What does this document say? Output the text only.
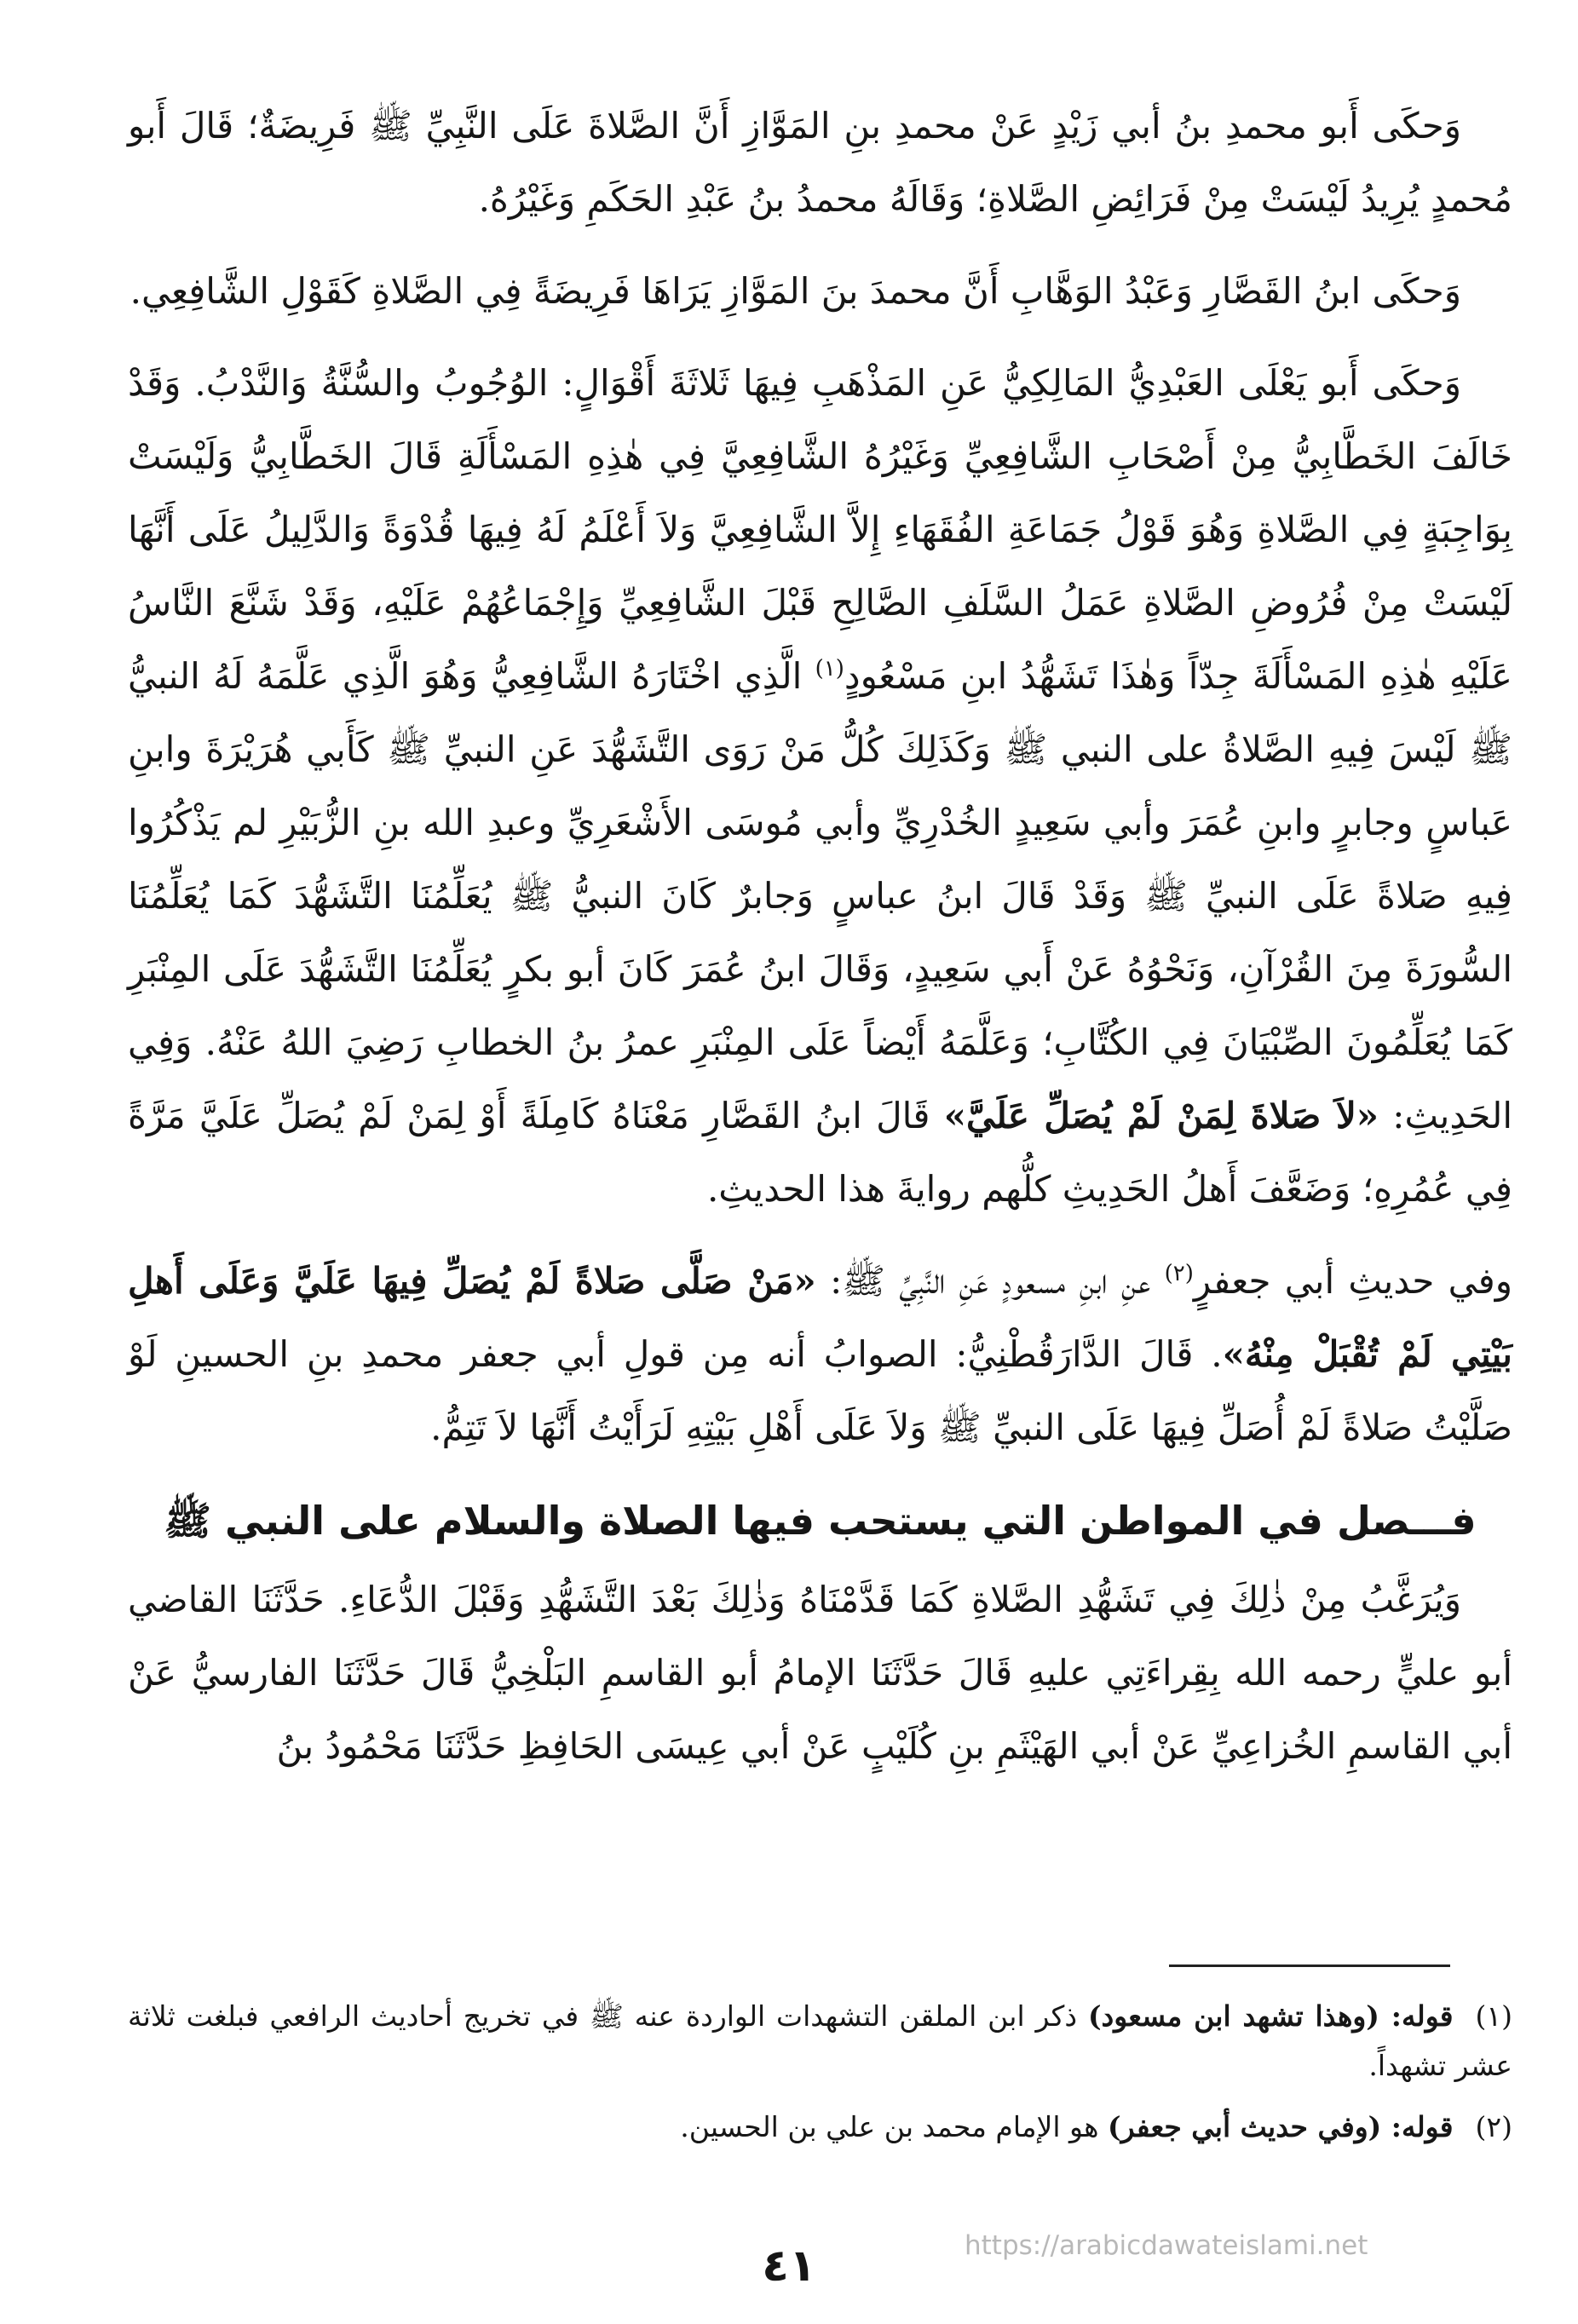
وَحكَى أَبو محمدِ بنُ أبي زَيْدٍ عَنْ محمدِ بنِ المَوَّازِ أَنَّ الصَّلاةَ عَلَى النَّبِيِّ ﷺ فَرِيضَةٌ؛ قَالَ أَبو مُحمدٍ يُرِيدُ لَيْسَتْ مِنْ فَرَائِضِ الصَّلاةِ؛ وَقَالَهُ محمدُ بنُ عَبْدِ الحَكَمِ وَغَيْرُهُ.

وَحكَى ابنُ القَصَّارِ وَعَبْدُ الوَهَّابِ أَنَّ محمدَ بنَ المَوَّازِ يَرَاهَا فَرِيضَةً فِي الصَّلاةِ كَقَوْلِ الشَّافِعِي.

وَحكَى أَبو يَعْلَى العَبْدِيُّ المَالِكِيُّ عَنِ المَذْهَبِ فِيهَا ثَلاثَةَ أَقْوَالٍ: الوُجُوبُ والسُّنَّةُ وَالنَّدْبُ. وَقَدْ خَالَفَ الخَطَّابِيُّ مِنْ أَصْحَابِ الشَّافِعِيِّ وَغَيْرُهُ الشَّافِعِيَّ فِي هٰذِهِ المَسْأَلَةِ قَالَ الخَطَّابِيُّ وَلَيْسَتْ بِوَاجِبَةٍ فِي الصَّلاةِ وَهُوَ قَوْلُ جَمَاعَةِ الفُقَهَاءِ إِلاَّ الشَّافِعِيَّ وَلاَ أَعْلَمُ لَهُ فِيهَا قُدْوَةً وَالدَّلِيلُ عَلَى أَنَّهَا لَيْسَتْ مِنْ فُرُوضِ الصَّلاةِ عَمَلُ السَّلَفِ الصَّالِحِ قَبْلَ الشَّافِعِيِّ وَإِجْمَاعُهُمْ عَلَيْهِ، وَقَدْ شَنَّعَ النَّاسُ عَلَيْهِ هٰذِهِ المَسْأَلَةَ جِدّاً وَهٰذَا تَشَهُّدُ ابنِ مَسْعُودٍ$^{(١)}$ الَّذِي اخْتَارَهُ الشَّافِعِيُّ وَهُوَ الَّذِي عَلَّمَهُ لَهُ النبيُّ ﷺ لَيْسَ فِيهِ الصَّلاةُ على النبي ﷺ وَكَذَلِكَ كُلُّ مَنْ رَوَى التَّشَهُّدَ عَنِ النبيِّ ﷺ كَأَبي هُرَيْرَةَ وابنِ عَباسٍ وجابرٍ وابنِ عُمَرَ وأبي سَعِيدٍ الخُدْرِيِّ وأبي مُوسَى الأَشْعَرِيِّ وعبدِ الله بنِ الزُّبَيْرِ لم يَذْكُرُوا فِيهِ صَلاةً عَلَى النبيِّ ﷺ وَقَدْ قَالَ ابنُ عباسٍ وَجابرٌ كَانَ النبيُّ ﷺ يُعَلِّمُنَا التَّشَهُّدَ كَمَا يُعَلِّمُنَا السُّورَةَ مِنَ القُرْآنِ، وَنَحْوُهُ عَنْ أَبي سَعِيدٍ، وَقَالَ ابنُ عُمَرَ كَانَ أبو بكرٍ يُعَلِّمُنَا التَّشَهُّدَ عَلَى المِنْبَرِ كَمَا يُعَلِّمُونَ الصِّبْيَانَ فِي الكُتَّابِ؛ وَعَلَّمَهُ أَيْضاً عَلَى المِنْبَرِ عمرُ بنُ الخطابِ رَضِيَ اللهُ عَنْهُ. وَفِي الحَدِيثِ: «لاَ صَلاةَ لِمَنْ لَمْ يُصَلِّ عَلَيَّ» قَالَ ابنُ القَصَّارِ مَعْنَاهُ كَامِلَةً أَوْ لِمَنْ لَمْ يُصَلِّ عَلَيَّ مَرَّةً فِي عُمُرِهِ؛ وَضَعَّفَ أَهلُ الحَدِيثِ كلُّهم روايةَ هذا الحديثِ.

وفي حديثِ أبي جعفرٍ$^{(٢)}$ عنِ ابنِ مسعودٍ عَنِ النَّبِيِّ ﷺ: «مَنْ صَلَّى صَلاةً لَمْ يُصَلِّ فِيهَا عَلَيَّ وَعَلَى أَهلِ بَيْتِي لَمْ تُقْبَلْ مِنْهُ». قَالَ الدَّارَقُطْنِيُّ: الصوابُ أنه مِن قولِ أبي جعفر محمدِ بنِ الحسينِ لَوْ صَلَّيْتُ صَلاةً لَمْ أُصَلِّ فِيهَا عَلَى النبيِّ ﷺ وَلاَ عَلَى أَهْلِ بَيْتِهِ لَرَأَيْتُ أَنَّهَا لاَ تَتِمُّ.

فـــصل في المواطن التي يستحب فيها الصلاة والسلام على النبي ﷺ

وَيُرَغَّبُ مِنْ ذٰلِكَ فِي تَشَهُّدِ الصَّلاةِ كَمَا قَدَّمْنَاهُ وَذٰلِكَ بَعْدَ التَّشَهُّدِ وَقَبْلَ الدُّعَاءِ. حَدَّثَنَا القاضي أبو عليٍّ رحمه الله بِقِراءَتِي عليهِ قَالَ حَدَّثَنَا الإمامُ أبو القاسمِ البَلْخِيُّ قَالَ حَدَّثَنَا الفارسيُّ عَنْ أبي القاسمِ الخُزاعِيِّ عَنْ أبي الهَيْثَمِ بنِ كُلَيْبٍ عَنْ أبي عِيسَى الحَافِظِ حَدَّثَنَا مَحْمُودُ بنُ

(١)قوله: (وهذا تشهد ابن مسعود) ذكر ابن الملقن التشهدات الواردة عنه ﷺ في تخريج أحاديث الرافعي فبلغت ثلاثة عشر تشهداً.

(٢)قوله: (وفي حديث أبي جعفر) هو الإمام محمد بن علي بن الحسين.

٤١	https://arabicdawateislami.net
